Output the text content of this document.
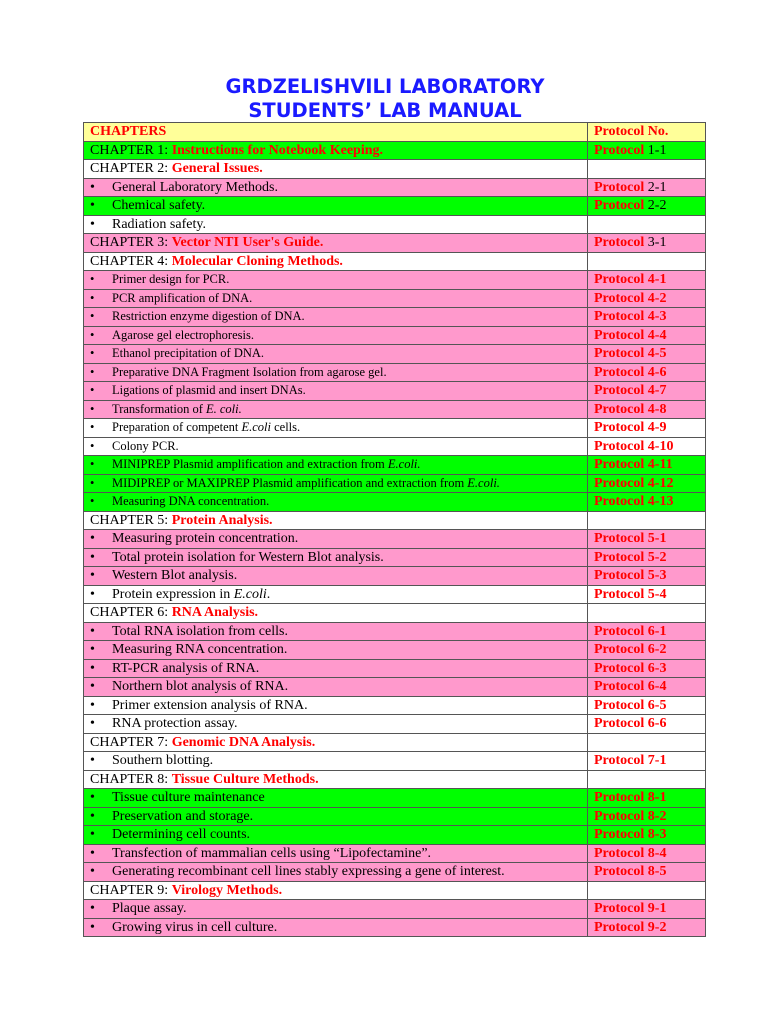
GRDZELISHVILI LABORATORY
STUDENTS’ LAB MANUAL
CHAPTERS	Protocol No.
CHAPTER 1: Instructions for Notebook Keeping.	Protocol 1-1
CHAPTER 2: General Issues.	
• General Laboratory Methods.	Protocol 2-1
• Chemical safety.	Protocol 2-2
• Radiation safety.	
CHAPTER 3: Vector NTI User's Guide.	Protocol 3-1
CHAPTER 4: Molecular Cloning Methods.	
• Primer design for PCR.	Protocol 4-1
• PCR amplification of DNA.	Protocol 4-2
• Restriction enzyme digestion of DNA.	Protocol 4-3
• Agarose gel electrophoresis.	Protocol 4-4
• Ethanol precipitation of DNA.	Protocol 4-5
• Preparative DNA Fragment Isolation from agarose gel.	Protocol 4-6
• Ligations of plasmid and insert DNAs.	Protocol 4-7
• Transformation of E. coli.	Protocol 4-8
• Preparation of competent E.coli cells.	Protocol 4-9
• Colony PCR.	Protocol 4-10
• MINIPREP Plasmid amplification and extraction from E.coli.	Protocol 4-11
• MIDIPREP or MAXIPREP Plasmid amplification and extraction from E.coli.	Protocol 4-12
• Measuring DNA concentration.	Protocol 4-13
CHAPTER 5: Protein Analysis.	
• Measuring protein concentration.	Protocol 5-1
• Total protein isolation for Western Blot analysis.	Protocol 5-2
• Western Blot analysis.	Protocol 5-3
• Protein expression in E.coli.	Protocol 5-4
CHAPTER 6: RNA Analysis.	
• Total RNA isolation from cells.	Protocol 6-1
• Measuring RNA concentration.	Protocol 6-2
• RT-PCR analysis of RNA.	Protocol 6-3
• Northern blot analysis of RNA.	Protocol 6-4
• Primer extension analysis of RNA.	Protocol 6-5
• RNA protection assay.	Protocol 6-6
CHAPTER 7: Genomic DNA Analysis.	
• Southern blotting.	Protocol 7-1
CHAPTER 8: Tissue Culture Methods.	
• Tissue culture maintenance	Protocol 8-1
• Preservation and storage.	Protocol 8-2
• Determining cell counts.	Protocol 8-3
• Transfection of mammalian cells using “Lipofectamine”.	Protocol 8-4
• Generating recombinant cell lines stably expressing a gene of interest.	Protocol 8-5
CHAPTER 9: Virology Methods.	
• Plaque assay.	Protocol 9-1
• Growing virus in cell culture.	Protocol 9-2
